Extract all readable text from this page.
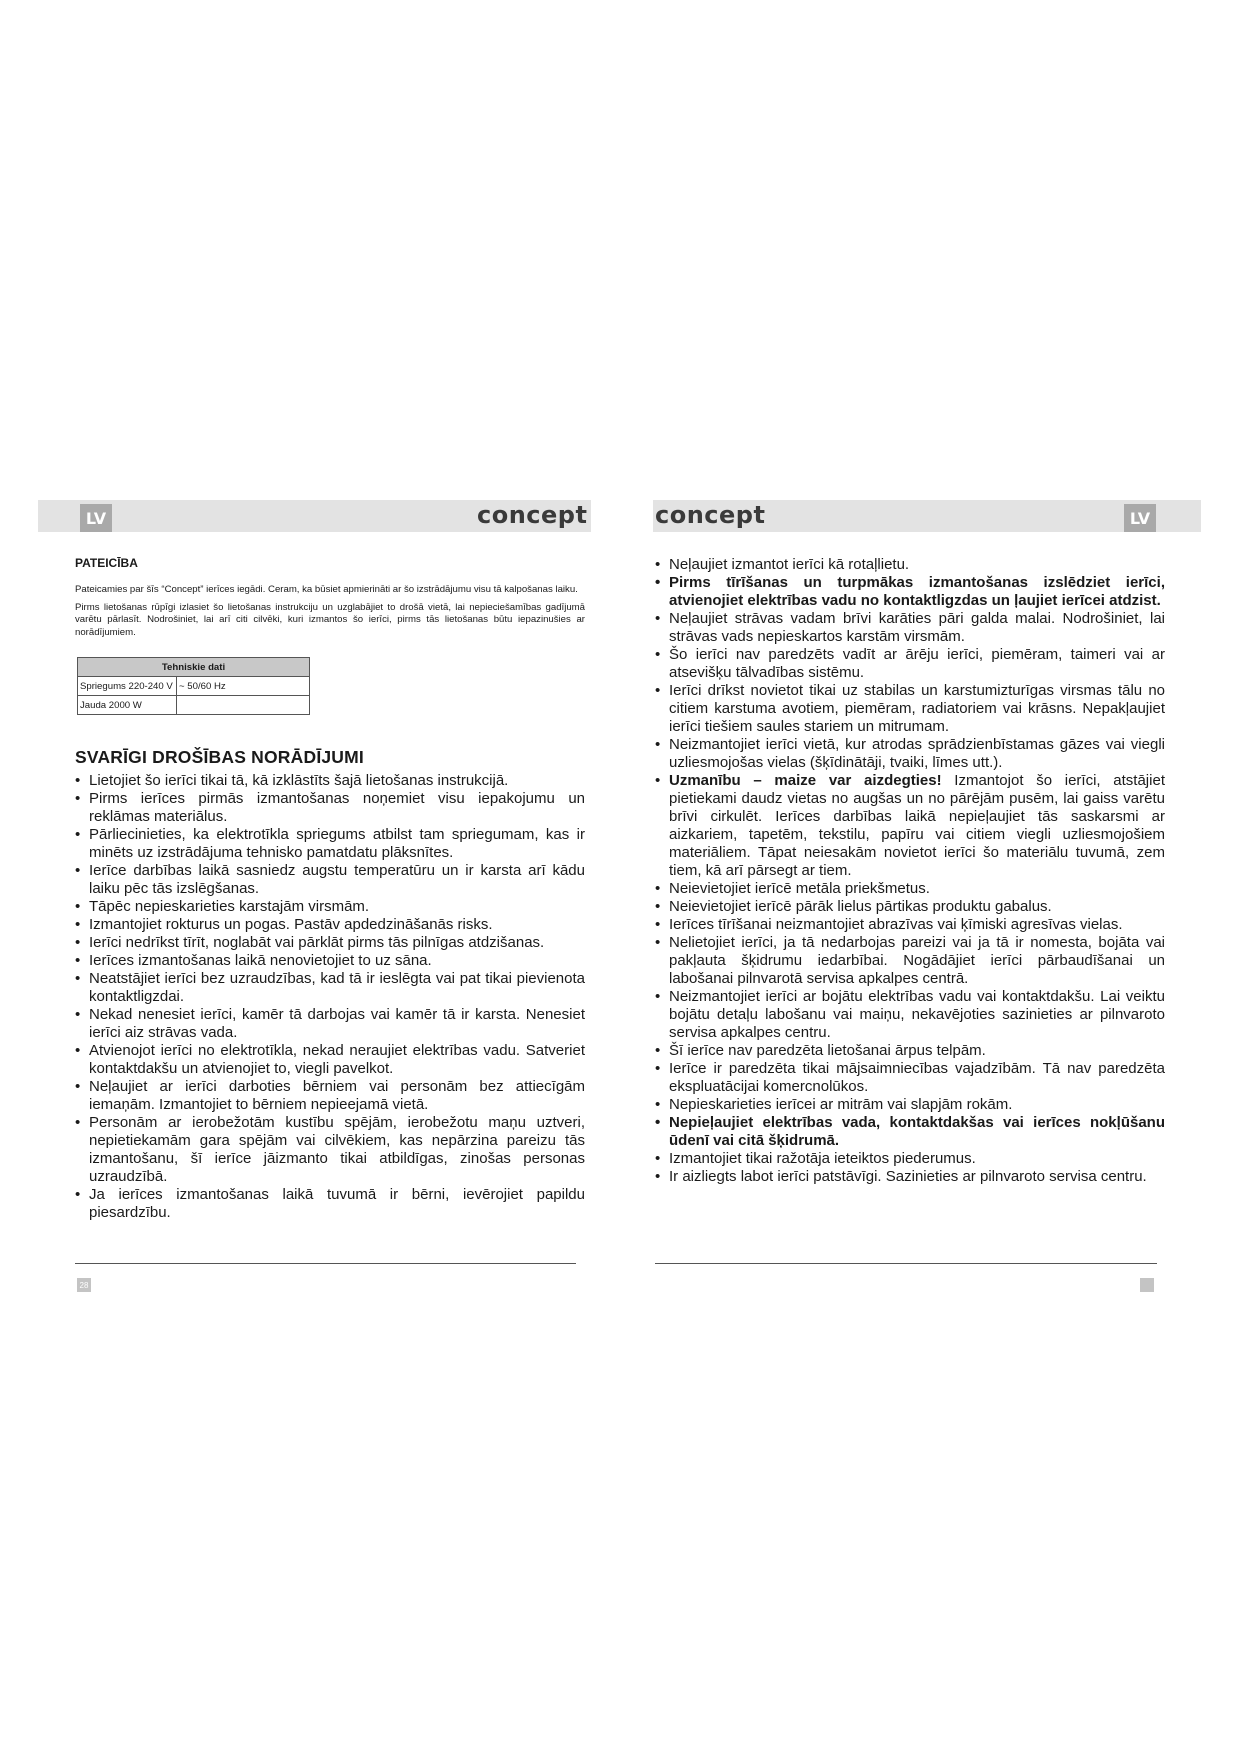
LV	LV
concept	concept

PATEICĪBA

Pateicamies par šīs “Concept” ierīces iegādi. Ceram, ka būsiet apmierināti ar šo izstrādājumu visu tā kalpošanas laiku.

Pirms lietošanas rūpīgi izlasiet šo lietošanas instrukciju un uzglabājiet to drošā vietā, lai nepieciešamības gadījumā varētu pārlasīt. Nodrošiniet, lai arī citi cilvēki, kuri izmantos šo ierīci, pirms tās lietošanas būtu iepazinušies ar norādījumiem.

Tehniskie dati	
Spriegums 220-240 V	~ 50/60 Hz
Jauda 2000 W	

SVARĪGI DROŠĪBAS NORĀDĪJUMI

• Lietojiet šo ierīci tikai tā, kā izklāstīts šajā lietošanas instrukcijā.
• Pirms ierīces pirmās izmantošanas noņemiet visu iepakojumu un reklāmas materiālus.
• Pārliecinieties, ka elektrotīkla spriegums atbilst tam spriegumam, kas ir minēts uz izstrādājuma tehnisko pamatdatu plāksnītes.
• Ierīce darbības laikā sasniedz augstu temperatūru un ir karsta arī kādu laiku pēc tās izslēgšanas.
• Tāpēc nepieskarieties karstajām virsmām.
• Izmantojiet rokturus un pogas. Pastāv apdedzināšanās risks.
• Ierīci nedrīkst tīrīt, noglabāt vai pārklāt pirms tās pilnīgas atdzišanas.
• Ierīces izmantošanas laikā nenovietojiet to uz sāna.
• Neatstājiet ierīci bez uzraudzības, kad tā ir ieslēgta vai pat tikai pievienota kontaktligzdai.
• Nekad nenesiet ierīci, kamēr tā darbojas vai kamēr tā ir karsta. Nenesiet ierīci aiz strāvas vada.
• Atvienojot ierīci no elektrotīkla, nekad neraujiet elektrības vadu. Satveriet kontaktdakšu un atvienojiet to, viegli pavelkot.
• Neļaujiet ar ierīci darboties bērniem vai personām bez attiecīgām iemaņām. Izmantojiet to bērniem nepieejamā vietā.
• Personām ar ierobežotām kustību spējām, ierobežotu maņu uztveri, nepietiekamām gara spējām vai cilvēkiem, kas nepārzina pareizu tās izmantošanu, šī ierīce jāizmanto tikai atbildīgas, zinošas personas uzraudzībā.
• Ja ierīces izmantošanas laikā tuvumā ir bērni, ievērojiet papildu piesardzību.
• Neļaujiet izmantot ierīci kā rotaļlietu.
• Pirms tīrīšanas un turpmākas izmantošanas izslēdziet ierīci, atvienojiet elektrības vadu no kontaktligzdas un ļaujiet ierīcei atdzist.
• Neļaujiet strāvas vadam brīvi karāties pāri galda malai. Nodrošiniet, lai strāvas vads nepieskartos karstām virsmām.
• Šo ierīci nav paredzēts vadīt ar ārēju ierīci, piemēram, taimeri vai ar atsevišķu tālvadības sistēmu.
• Ierīci drīkst novietot tikai uz stabilas un karstumizturīgas virsmas tālu no citiem karstuma avotiem, piemēram, radiatoriem vai krāsns. Nepakļaujiet ierīci tiešiem saules stariem un mitrumam.
• Neizmantojiet ierīci vietā, kur atrodas sprādzienbīstamas gāzes vai viegli uzliesmojošas vielas (šķīdinātāji, tvaiki, līmes utt.).
• Uzmanību – maize var aizdegties! Izmantojot šo ierīci, atstājiet pietiekami daudz vietas no augšas un no pārējām pusēm, lai gaiss varētu brīvi cirkulēt. Ierīces darbības laikā nepieļaujiet tās saskarsmi ar aizkariem, tapetēm, tekstilu, papīru vai citiem viegli uzliesmojošiem materiāliem. Tāpat neiesakām novietot ierīci šo materiālu tuvumā, zem tiem, kā arī pārsegt ar tiem.
• Neievietojiet ierīcē metāla priekšmetus.
• Neievietojiet ierīcē pārāk lielus pārtikas produktu gabalus.
• Ierīces tīrīšanai neizmantojiet abrazīvas vai ķīmiski agresīvas vielas.
• Nelietojiet ierīci, ja tā nedarbojas pareizi vai ja tā ir nomesta, bojāta vai pakļauta šķidrumu iedarbībai. Nogādājiet ierīci pārbaudīšanai un labošanai pilnvarotā servisa apkalpes centrā.
• Neizmantojiet ierīci ar bojātu elektrības vadu vai kontaktdakšu. Lai veiktu bojātu detaļu labošanu vai maiņu, nekavējoties sazinieties ar pilnvaroto servisa apkalpes centru.
• Šī ierīce nav paredzēta lietošanai ārpus telpām.
• Ierīce ir paredzēta tikai mājsaimniecības vajadzībām. Tā nav paredzēta ekspluatācijai komercnolūkos.
• Nepieskarieties ierīcei ar mitrām vai slapjām rokām.
• Nepieļaujiet elektrības vada, kontaktdakšas vai ierīces nokļūšanu ūdenī vai citā šķidrumā.
• Izmantojiet tikai ražotāja ieteiktos piederumus.
• Ir aizliegts labot ierīci patstāvīgi. Sazinieties ar pilnvaroto servisa centru.
28
